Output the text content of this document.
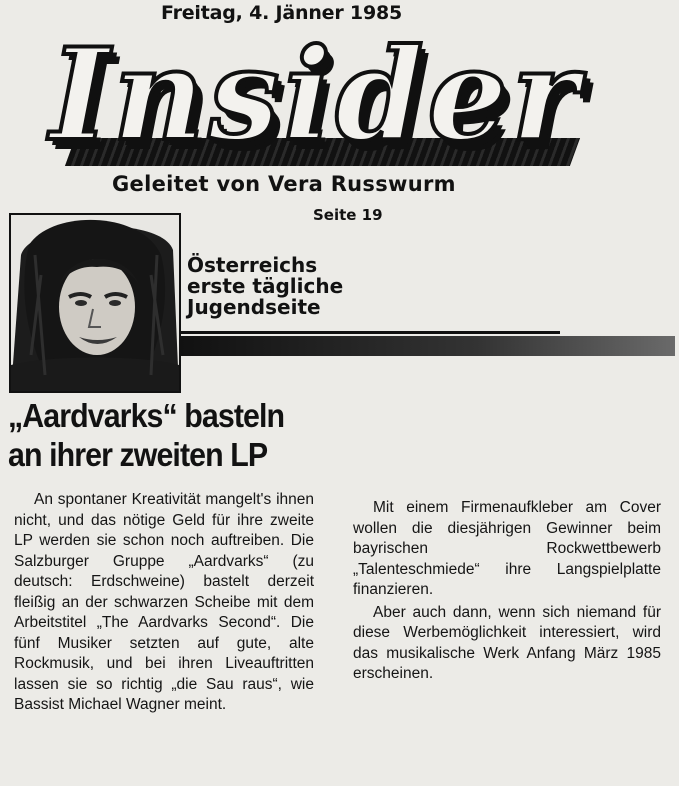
Freitag, 4. Jänner 1985
Insider
Geleitet von Vera Russwurm
Seite 19
Österreichs
erste tägliche
Jugendseite
„Aardvarks“ basteln
an ihrer zweiten LP

An spontaner Kreativität mangelt's ihnen nicht, und das nötige Geld für ihre zweite LP werden sie schon noch auftreiben. Die Salzburger Gruppe „Aardvarks“ (zu deutsch: Erdschweine) bastelt derzeit fleißig an der schwarzen Scheibe mit dem Arbeitstitel „The Aardvarks Second“. Die fünf Musiker setzten auf gute, alte Rockmusik, und bei ihren Liveauftritten lassen sie so richtig „die Sau raus“, wie Bassist Michael Wagner meint.

Mit einem Firmenaufkleber am Cover wollen die diesjährigen Gewinner beim bayrischen Rockwettbewerb „Talenteschmiede“ ihre Langspielplatte finanzieren.

Aber auch dann, wenn sich niemand für diese Werbemöglichkeit interessiert, wird das musikalische Werk Anfang März 1985 erscheinen.
